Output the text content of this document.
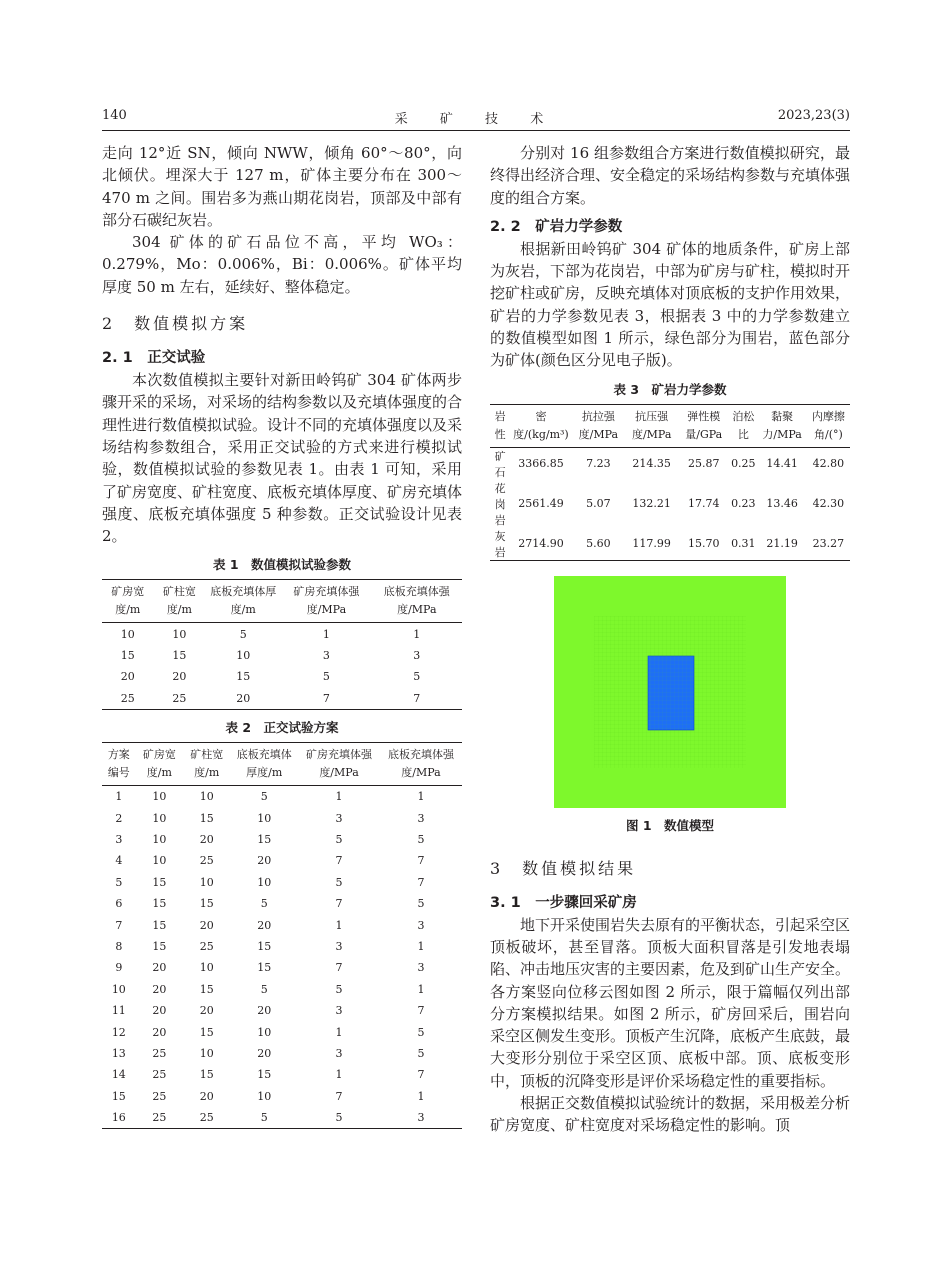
140	采 矿 技 术	2023,23(3)

走向 12°近 SN，倾向 NWW，倾角 60°～80°，向北倾伏。埋深大于 127 m，矿体主要分布在 300～470 m 之间。围岩多为燕山期花岗岩，顶部及中部有部分石碳纪灰岩。

304 矿体的矿石品位不高，平均 WO₃：0.279%，Mo：0.006%，Bi：0.006%。矿体平均厚度 50 m 左右，延续好、整体稳定。

2　数值模拟方案
2. 1　正交试验

本次数值模拟主要针对新田岭钨矿 304 矿体两步骤开采的采场，对采场的结构参数以及充填体强度的合理性进行数值模拟试验。设计不同的充填体强度以及采场结构参数组合，采用正交试验的方式来进行模拟试验，数值模拟试验的参数见表 1。由表 1 可知，采用了矿房宽度、矿柱宽度、底板充填体厚度、矿房充填体强度、底板充填体强度 5 种参数。正交试验设计见表 2。

表 1　数值模拟试验参数
矿房宽度/m	矿柱宽度/m	底板充填体厚度/m	矿房充填体强度/MPa	底板充填体强度/MPa
10	10	5	1	1
15	15	10	3	3
20	20	15	5	5
25	25	20	7	7
表 2　正交试验方案
方案编号	矿房宽度/m	矿柱宽度/m	底板充填体厚度/m	矿房充填体强度/MPa	底板充填体强度/MPa
1	10	10	5	1	1
2	10	15	10	3	3
3	10	20	15	5	5
4	10	25	20	7	7
5	15	10	10	5	7
6	15	15	5	7	5
7	15	20	20	1	3
8	15	25	15	3	1
9	20	10	15	7	3
10	20	15	5	5	1
11	20	20	20	3	7
12	20	15	10	1	5
13	25	10	20	3	5
14	25	15	15	1	7
15	25	20	10	7	1
16	25	25	5	5	3

分别对 16 组参数组合方案进行数值模拟研究，最终得出经济合理、安全稳定的采场结构参数与充填体强度的组合方案。

2. 2　矿岩力学参数

根据新田岭钨矿 304 矿体的地质条件，矿房上部为灰岩，下部为花岗岩，中部为矿房与矿柱，模拟时开挖矿柱或矿房，反映充填体对顶底板的支护作用效果，矿岩的力学参数见表 3，根据表 3 中的力学参数建立的数值模型如图 1 所示，绿色部分为围岩，蓝色部分为矿体(颜色区分见电子版)。

表 3　矿岩力学参数
岩性	密度/(kg/m³)	抗拉强度/MPa	抗压强度/MPa	弹性模量/GPa	泊松比	黏聚力/MPa	内摩擦角/(°)
矿石	3366.85	7.23	214.35	25.87	0.25	14.41	42.80
花岗岩	2561.49	5.07	132.21	17.74	0.23	13.46	42.30
灰岩	2714.90	5.60	117.99	15.70	0.31	21.19	23.27
图 1　数值模型
3　数值模拟结果
3. 1　一步骤回采矿房

地下开采使围岩失去原有的平衡状态，引起采空区顶板破坏，甚至冒落。顶板大面积冒落是引发地表塌陷、冲击地压灾害的主要因素，危及到矿山生产安全。各方案竖向位移云图如图 2 所示，限于篇幅仅列出部分方案模拟结果。如图 2 所示，矿房回采后，围岩向采空区侧发生变形。顶板产生沉降，底板产生底鼓，最大变形分别位于采空区顶、底板中部。顶、底板变形中，顶板的沉降变形是评价采场稳定性的重要指标。

根据正交数值模拟试验统计的数据，采用极差分析矿房宽度、矿柱宽度对采场稳定性的影响。顶
